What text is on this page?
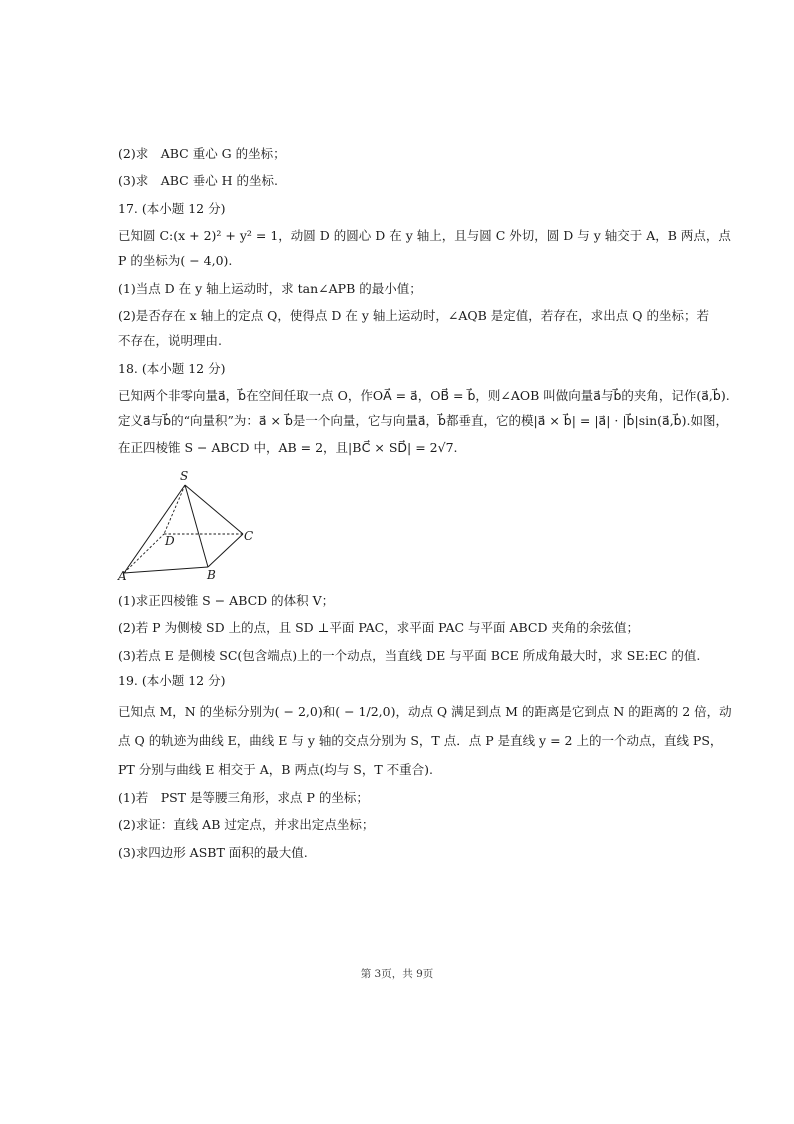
(2)求　ABC 重心 G 的坐标；
(3)求　ABC 垂心 H 的坐标.
17. (本小题 12 分)
已知圆 C:(x + 2)² + y² = 1，动圆 D 的圆心 D 在 y 轴上，且与圆 C 外切，圆 D 与 y 轴交于 A，B 两点，点
P 的坐标为( − 4,0).
(1)当点 D 在 y 轴上运动时，求 tan∠APB 的最小值；
(2)是否存在 x 轴上的定点 Q，使得点 D 在 y 轴上运动时，∠AQB 是定值，若存在，求出点 Q 的坐标；若
不存在，说明理由.
18. (本小题 12 分)
已知两个非零向量a⃗，b⃗在空间任取一点 O，作OA⃗ = a⃗，OB⃗ = b⃗，则∠AOB 叫做向量a⃗与b⃗的夹角，记作(a⃗,b⃗).
定义a⃗与b⃗的“向量积”为：a⃗ × b⃗是一个向量，它与向量a⃗，b⃗都垂直，它的模|a⃗ × b⃗| = |a⃗| · |b⃗|sin(a⃗,b⃗).如图，
在正四棱锥 S − ABCD 中，AB = 2，且|BC⃗ × SD⃗| = 2√7.
S
D	C
A	B
(1)求正四棱锥 S − ABCD 的体积 V；
(2)若 P 为侧棱 SD 上的点，且 SD ⊥平面 PAC，求平面 PAC 与平面 ABCD 夹角的余弦值；
(3)若点 E 是侧棱 SC(包含端点)上的一个动点，当直线 DE 与平面 BCE 所成角最大时，求 SE:EC 的值.
19. (本小题 12 分)
已知点 M，N 的坐标分别为( − 2,0)和( − 1/2,0)，动点 Q 满足到点 M 的距离是它到点 N 的距离的 2 倍，动
点 Q 的轨迹为曲线 E，曲线 E 与 y 轴的交点分别为 S，T 点．点 P 是直线 y = 2 上的一个动点，直线 PS，
PT 分别与曲线 E 相交于 A，B 两点(均与 S，T 不重合).
(1)若　PST 是等腰三角形，求点 P 的坐标；
(2)求证：直线 AB 过定点，并求出定点坐标；
(3)求四边形 ASBT 面积的最大值.
第 3页，共 9页
